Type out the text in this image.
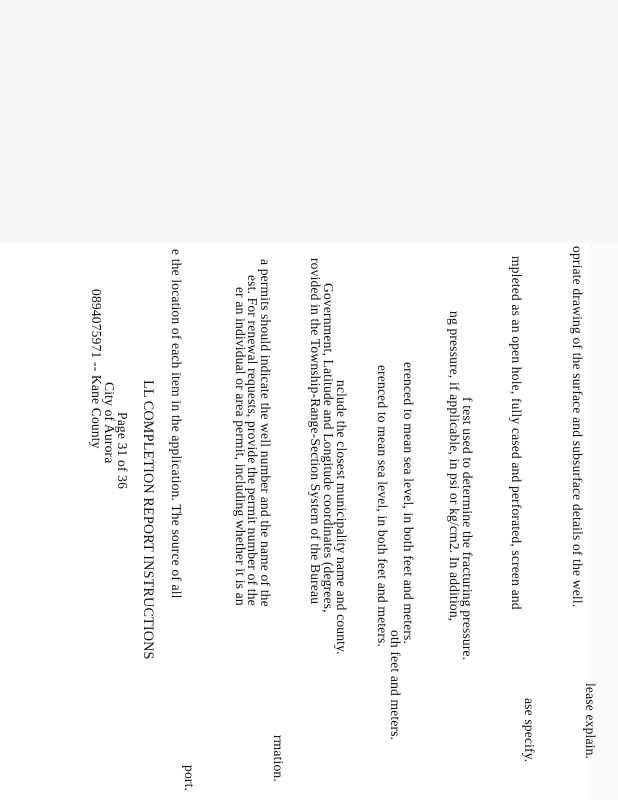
0894075971 -- Kane County
City of Aurora
Page 31 of 36 LL COMPLETION REPORT INSTRUCTIONS e the location of each item in the application. The source of all
port.
er an individual or area permit, including whether it is an
est. For renewal requests, provide the permit number of the
a permits should indicate the well number and the name of the
rmation.
rovided in the Township-Range-Section System of the Bureau
Government, Latitude and Longitude coordinates (degrees,
nclude the closest municipality name and county. erenced to mean sea level, in both feet and meters.
oth feet and meters.
erenced to mean sea level, in both feet and meters. ng pressure, if applicable, in psi or kg/cm2. In addition,
f test used to determine the fracturing pressure.	mpleted as an open hole, fully cased and perforated, screen and
ase specify.
opriate drawing of the surface and subsurface details of the well.
lease explain.
